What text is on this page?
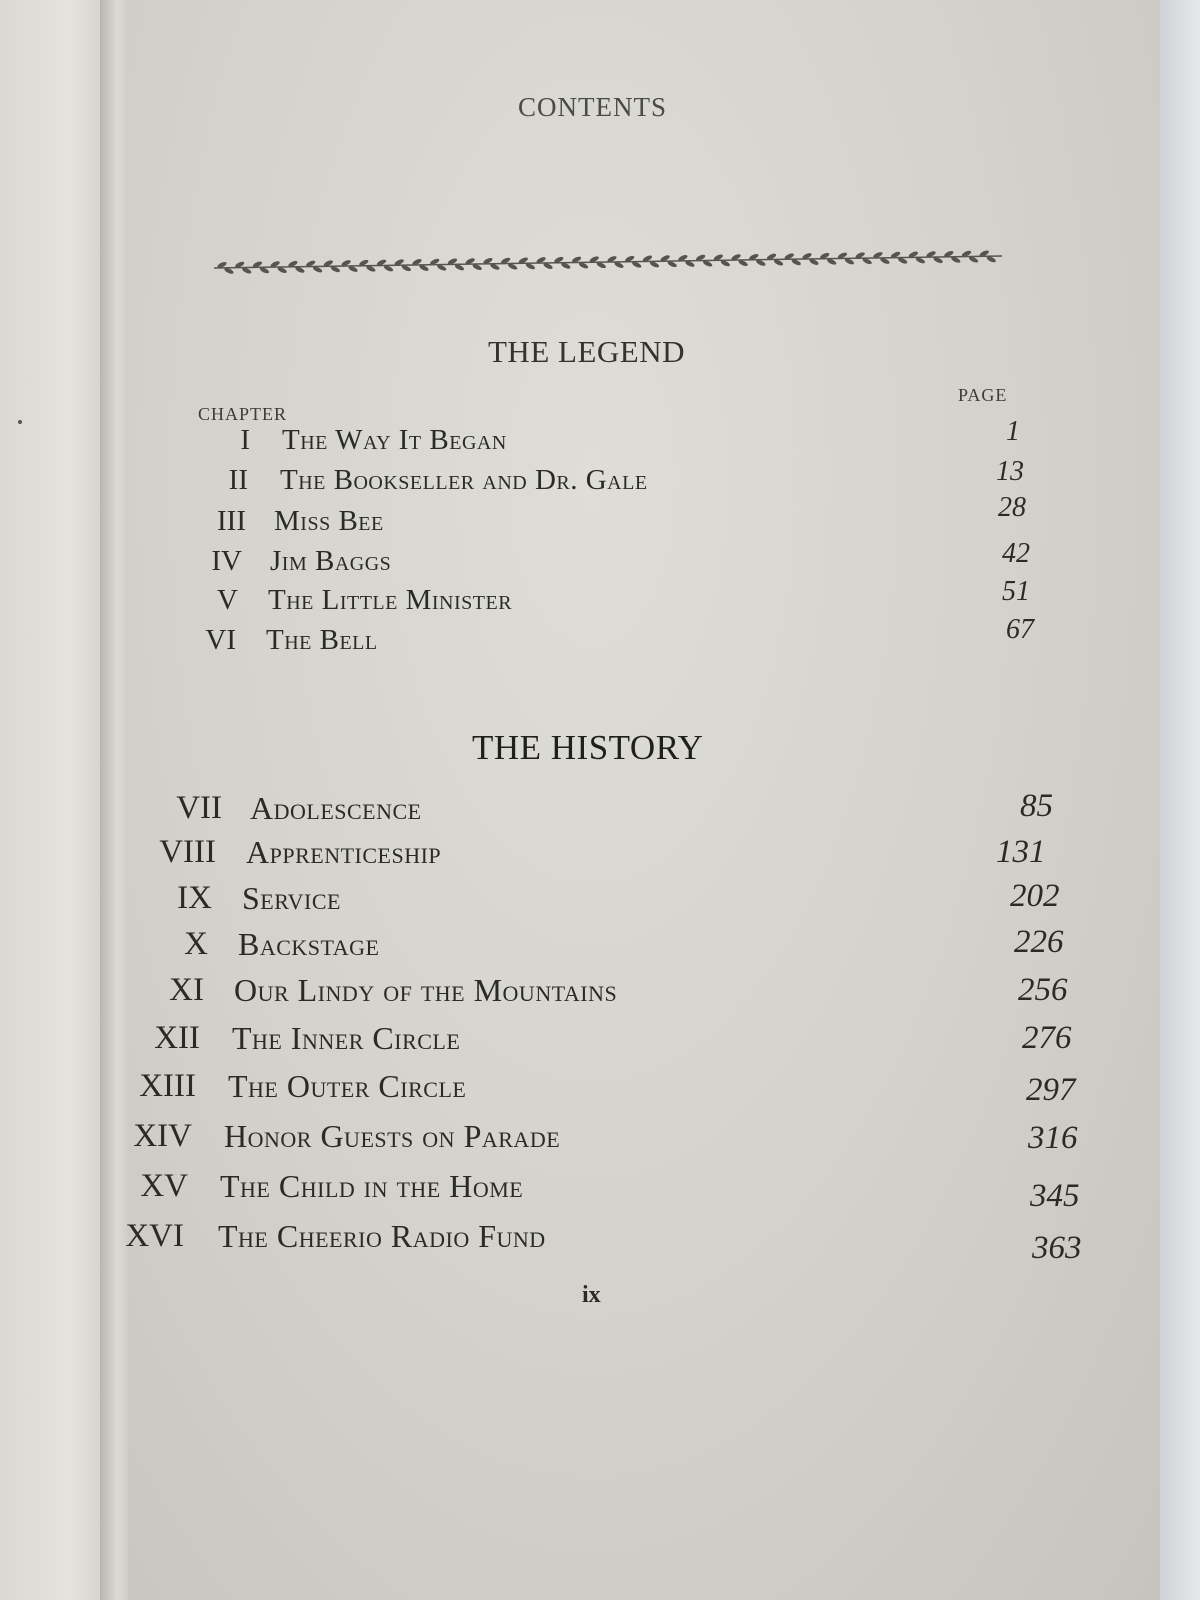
CONTENTS
THE LEGEND
PAGE
CHAPTER
I The Way It Began	1
II The Bookseller and Dr. Gale	13
III Miss Bee	28
IV Jim Baggs	42
V The Little Minister	51
VI The Bell	67
THE HISTORY
VII Adolescence	85
VIII Apprenticeship	131
IX Service	202
X Backstage	226
XI Our Lindy of the Mountains	256
XII The Inner Circle	276
XIII The Outer Circle	297
XIV Honor Guests on Parade	316
XV The Child in the Home	345
XVI The Cheerio Radio Fund	363
ix
